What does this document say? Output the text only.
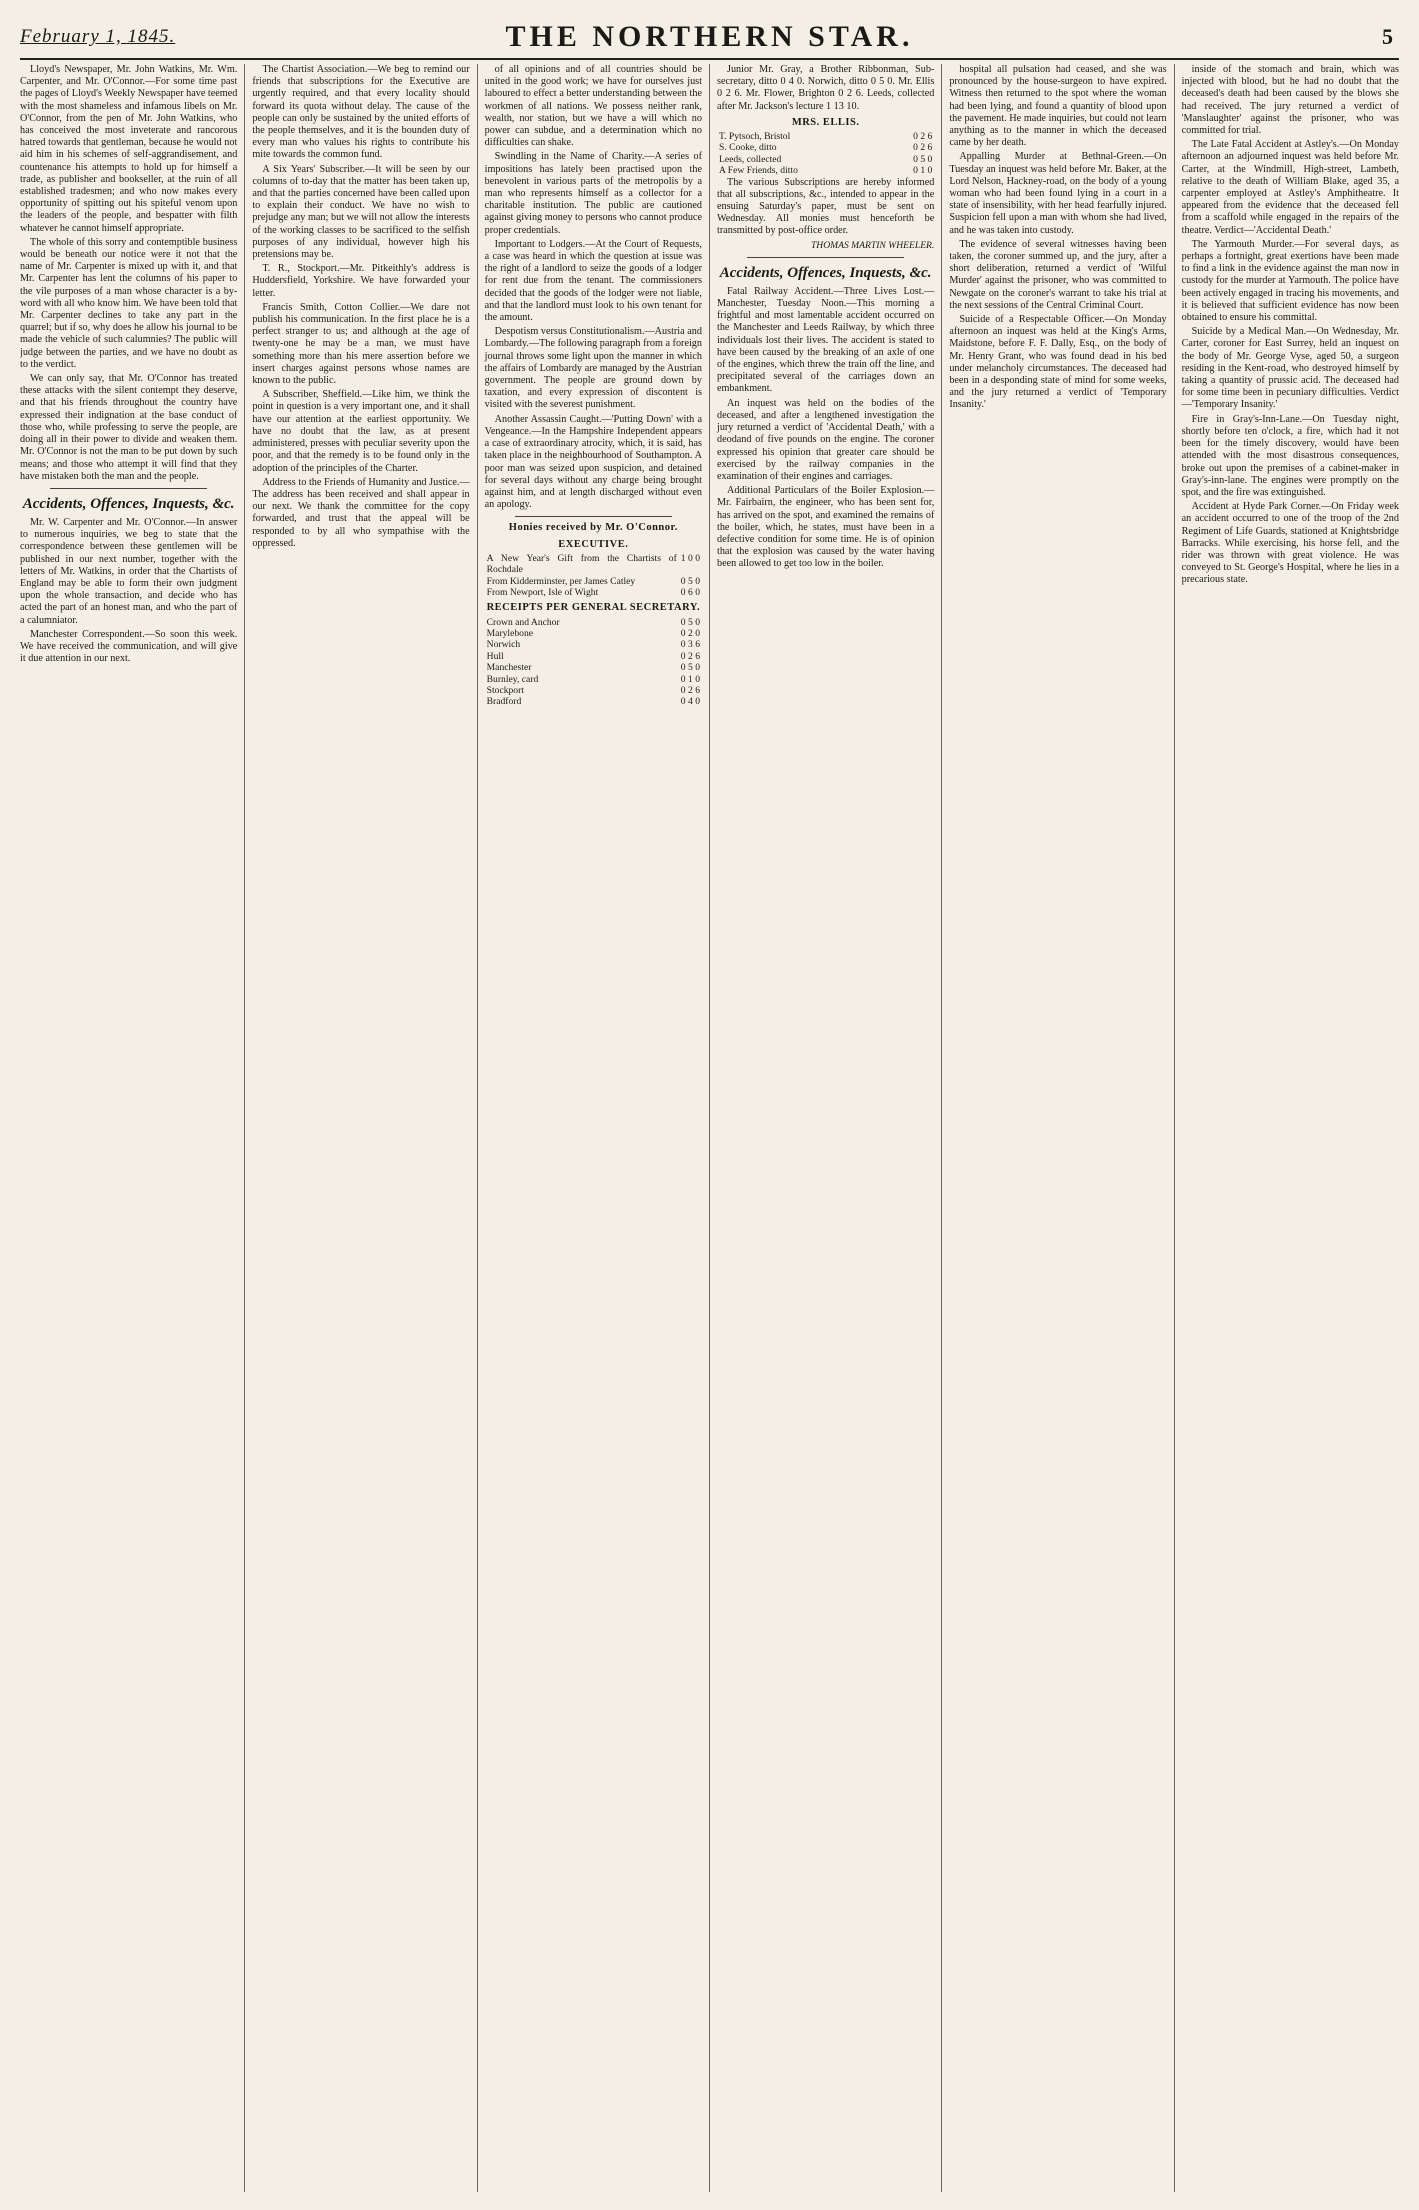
February 1, 1845.	THE NORTHERN STAR.	5

Lloyd's Newspaper, Mr. John Watkins, Mr. Wm. Carpenter, and Mr. O'Connor.—For some time past the pages of Lloyd's Weekly Newspaper have teemed with the most shameless and infamous libels on Mr. O'Connor, from the pen of Mr. John Watkins, who has conceived the most inveterate and rancorous hatred towards that gentleman, because he would not aid him in his schemes of self-aggrandisement, and countenance his attempts to hold up for himself a trade, as publisher and bookseller, at the ruin of all established tradesmen; and who now makes every opportunity of spitting out his spiteful venom upon the leaders of the people, and bespatter with filth whatever he cannot himself appropriate.

The whole of this sorry and contemptible business would be beneath our notice were it not that the name of Mr. Carpenter is mixed up with it, and that Mr. Carpenter has lent the columns of his paper to the vile purposes of a man whose character is a by-word with all who know him. We have been told that Mr. Carpenter declines to take any part in the quarrel; but if so, why does he allow his journal to be made the vehicle of such calumnies? The public will judge between the parties, and we have no doubt as to the verdict.

We can only say, that Mr. O'Connor has treated these attacks with the silent contempt they deserve, and that his friends throughout the country have expressed their indignation at the base conduct of those who, while professing to serve the people, are doing all in their power to divide and weaken them. Mr. O'Connor is not the man to be put down by such means; and those who attempt it will find that they have mistaken both the man and the people.

Accidents, Offences, Inquests, &c.

Mr. W. Carpenter and Mr. O'Connor.—In answer to numerous inquiries, we beg to state that the correspondence between these gentlemen will be published in our next number, together with the letters of Mr. Watkins, in order that the Chartists of England may be able to form their own judgment upon the whole transaction, and decide who has acted the part of an honest man, and who the part of a calumniator.

Manchester Correspondent.—So soon this week. We have received the communication, and will give it due attention in our next.

The Chartist Association.—We beg to remind our friends that subscriptions for the Executive are urgently required, and that every locality should forward its quota without delay. The cause of the people can only be sustained by the united efforts of the people themselves, and it is the bounden duty of every man who values his rights to contribute his mite towards the common fund.

A Six Years' Subscriber.—It will be seen by our columns of to-day that the matter has been taken up, and that the parties concerned have been called upon to explain their conduct. We have no wish to prejudge any man; but we will not allow the interests of the working classes to be sacrificed to the selfish purposes of any individual, however high his pretensions may be.

T. R., Stockport.—Mr. Pitkeithly's address is Huddersfield, Yorkshire. We have forwarded your letter.

Francis Smith, Cotton Collier.—We dare not publish his communication. In the first place he is a perfect stranger to us; and although at the age of twenty-one he may be a man, we must have something more than his mere assertion before we insert charges against persons whose names are known to the public.

A Subscriber, Sheffield.—Like him, we think the point in question is a very important one, and it shall have our attention at the earliest opportunity. We have no doubt that the law, as at present administered, presses with peculiar severity upon the poor, and that the remedy is to be found only in the adoption of the principles of the Charter.

Address to the Friends of Humanity and Justice.—The address has been received and shall appear in our next. We thank the committee for the copy forwarded, and trust that the appeal will be responded to by all who sympathise with the oppressed.

of all opinions and of all countries should be united in the good work; we have for ourselves just laboured to effect a better understanding between the workmen of all nations. We possess neither rank, wealth, nor station, but we have a will which no power can subdue, and a determination which no difficulties can shake.

Swindling in the Name of Charity.—A series of impositions has lately been practised upon the benevolent in various parts of the metropolis by a man who represents himself as a collector for a charitable institution. The public are cautioned against giving money to persons who cannot produce proper credentials.

Important to Lodgers.—At the Court of Requests, a case was heard in which the question at issue was the right of a landlord to seize the goods of a lodger for rent due from the tenant. The commissioners decided that the goods of the lodger were not liable, and that the landlord must look to his own tenant for the amount.

Despotism versus Constitutionalism.—Austria and Lombardy.—The following paragraph from a foreign journal throws some light upon the manner in which the affairs of Lombardy are managed by the Austrian government. The people are ground down by taxation, and every expression of discontent is visited with the severest punishment.

Another Assassin Caught.—'Putting Down' with a Vengeance.—In the Hampshire Independent appears a case of extraordinary atrocity, which, it is said, has taken place in the neighbourhood of Southampton. A poor man was seized upon suspicion, and detained for several days without any charge being brought against him, and at length discharged without even an apology.

Honies received by Mr. O'Connor.
EXECUTIVE.
A New Year's Gift from the Chartists of Rochdale	1 0 0
From Kidderminster, per James Catley	0 5 0
From Newport, Isle of Wight	0 6 0
RECEIPTS PER GENERAL SECRETARY.
Crown and Anchor	0 5 0
Marylebone	0 2 0
Norwich	0 3 6
Hull	0 2 6
Manchester	0 5 0
Burnley, card	0 1 0
Stockport	0 2 6
Bradford	0 4 0

Junior Mr. Gray, a Brother Ribbonman, Sub-secretary, ditto 0 4 0. Norwich, ditto 0 5 0. Mr. Ellis 0 2 6. Mr. Flower, Brighton 0 2 6. Leeds, collected after Mr. Jackson's lecture 1 13 10.

MRS. ELLIS.
T. Pytsoch, Bristol	0 2 6
S. Cooke, ditto	0 2 6
Leeds, collected	0 5 0
A Few Friends, ditto	0 1 0

The various Subscriptions are hereby informed that all subscriptions, &c., intended to appear in the ensuing Saturday's paper, must be sent on Wednesday. All monies must henceforth be transmitted by post-office order.

THOMAS MARTIN WHEELER.
Accidents, Offences, Inquests, &c.

Fatal Railway Accident.—Three Lives Lost.—Manchester, Tuesday Noon.—This morning a frightful and most lamentable accident occurred on the Manchester and Leeds Railway, by which three individuals lost their lives. The accident is stated to have been caused by the breaking of an axle of one of the engines, which threw the train off the line, and precipitated several of the carriages down an embankment.

An inquest was held on the bodies of the deceased, and after a lengthened investigation the jury returned a verdict of 'Accidental Death,' with a deodand of five pounds on the engine. The coroner expressed his opinion that greater care should be exercised by the railway companies in the examination of their engines and carriages.

Additional Particulars of the Boiler Explosion.—Mr. Fairbairn, the engineer, who has been sent for, has arrived on the spot, and examined the remains of the boiler, which, he states, must have been in a defective condition for some time. He is of opinion that the explosion was caused by the water having been allowed to get too low in the boiler.

hospital all pulsation had ceased, and she was pronounced by the house-surgeon to have expired. Witness then returned to the spot where the woman had been lying, and found a quantity of blood upon the pavement. He made inquiries, but could not learn anything as to the manner in which the deceased came by her death.

Appalling Murder at Bethnal-Green.—On Tuesday an inquest was held before Mr. Baker, at the Lord Nelson, Hackney-road, on the body of a young woman who had been found lying in a court in a state of insensibility, with her head fearfully injured. Suspicion fell upon a man with whom she had lived, and he was taken into custody.

The evidence of several witnesses having been taken, the coroner summed up, and the jury, after a short deliberation, returned a verdict of 'Wilful Murder' against the prisoner, who was committed to Newgate on the coroner's warrant to take his trial at the next sessions of the Central Criminal Court.

Suicide of a Respectable Officer.—On Monday afternoon an inquest was held at the King's Arms, Maidstone, before F. F. Dally, Esq., on the body of Mr. Henry Grant, who was found dead in his bed under melancholy circumstances. The deceased had been in a desponding state of mind for some weeks, and the jury returned a verdict of 'Temporary Insanity.'

inside of the stomach and brain, which was injected with blood, but he had no doubt that the deceased's death had been caused by the blows she had received. The jury returned a verdict of 'Manslaughter' against the prisoner, who was committed for trial.

The Late Fatal Accident at Astley's.—On Monday afternoon an adjourned inquest was held before Mr. Carter, at the Windmill, High-street, Lambeth, relative to the death of William Blake, aged 35, a carpenter employed at Astley's Amphitheatre. It appeared from the evidence that the deceased fell from a scaffold while engaged in the repairs of the theatre. Verdict—'Accidental Death.'

The Yarmouth Murder.—For several days, as perhaps a fortnight, great exertions have been made to find a link in the evidence against the man now in custody for the murder at Yarmouth. The police have been actively engaged in tracing his movements, and it is believed that sufficient evidence has now been obtained to ensure his committal.

Suicide by a Medical Man.—On Wednesday, Mr. Carter, coroner for East Surrey, held an inquest on the body of Mr. George Vyse, aged 50, a surgeon residing in the Kent-road, who destroyed himself by taking a quantity of prussic acid. The deceased had for some time been in pecuniary difficulties. Verdict—'Temporary Insanity.'

Fire in Gray's-Inn-Lane.—On Tuesday night, shortly before ten o'clock, a fire, which had it not been for the timely discovery, would have been attended with the most disastrous consequences, broke out upon the premises of a cabinet-maker in Gray's-inn-lane. The engines were promptly on the spot, and the fire was extinguished.

Accident at Hyde Park Corner.—On Friday week an accident occurred to one of the troop of the 2nd Regiment of Life Guards, stationed at Knightsbridge Barracks. While exercising, his horse fell, and the rider was thrown with great violence. He was conveyed to St. George's Hospital, where he lies in a precarious state.
